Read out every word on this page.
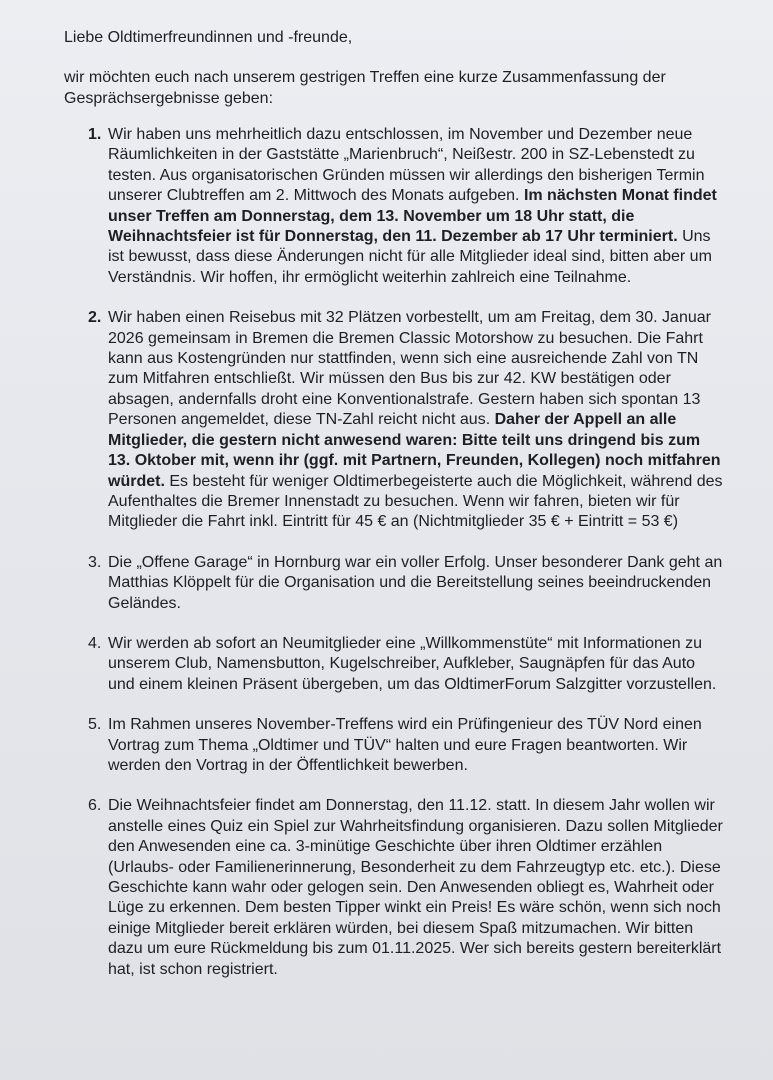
Liebe Oldtimerfreundinnen und -freunde,

wir möchten euch nach unserem gestrigen Treffen eine kurze Zusammenfassung der Gesprächsergebnisse geben:

1. Wir haben uns mehrheitlich dazu entschlossen, im November und Dezember neue Räumlichkeiten in der Gaststätte „Marienbruch“, Neißestr. 200 in SZ-Lebenstedt zu testen. Aus organisatorischen Gründen müssen wir allerdings den bisherigen Termin unserer Clubtreffen am 2. Mittwoch des Monats aufgeben. Im nächsten Monat findet unser Treffen am Donnerstag, dem 13. November um 18 Uhr statt, die Weihnachtsfeier ist für Donnerstag, den 11. Dezember ab 17 Uhr terminiert. Uns ist bewusst, dass diese Änderungen nicht für alle Mitglieder ideal sind, bitten aber um Verständnis. Wir hoffen, ihr ermöglicht weiterhin zahlreich eine Teilnahme.
2. Wir haben einen Reisebus mit 32 Plätzen vorbestellt, um am Freitag, dem 30. Januar 2026 gemeinsam in Bremen die Bremen Classic Motorshow zu besuchen. Die Fahrt kann aus Kostengründen nur stattfinden, wenn sich eine ausreichende Zahl von TN zum Mitfahren entschließt. Wir müssen den Bus bis zur 42. KW bestätigen oder absagen, andernfalls droht eine Konventionalstrafe. Gestern haben sich spontan 13 Personen angemeldet, diese TN-Zahl reicht nicht aus. Daher der Appell an alle Mitglieder, die gestern nicht anwesend waren: Bitte teilt uns dringend bis zum 13. Oktober mit, wenn ihr (ggf. mit Partnern, Freunden, Kollegen) noch mitfahren würdet. Es besteht für weniger Oldtimerbegeisterte auch die Möglichkeit, während des Aufenthaltes die Bremer Innenstadt zu besuchen. Wenn wir fahren, bieten wir für Mitglieder die Fahrt inkl. Eintritt für 45 € an (Nichtmitglieder 35 € + Eintritt = 53 €)
3. Die „Offene Garage“ in Hornburg war ein voller Erfolg. Unser besonderer Dank geht an Matthias Klöppelt für die Organisation und die Bereitstellung seines beeindruckenden Geländes.
4. Wir werden ab sofort an Neumitglieder eine „Willkommenstüte“ mit Informationen zu unserem Club, Namensbutton, Kugelschreiber, Aufkleber, Saugnäpfen für das Auto und einem kleinen Präsent übergeben, um das OldtimerForum Salzgitter vorzustellen.
5. Im Rahmen unseres November-Treffens wird ein Prüfingenieur des TÜV Nord einen Vortrag zum Thema „Oldtimer und TÜV“ halten und eure Fragen beantworten. Wir werden den Vortrag in der Öffentlichkeit bewerben.
6. Die Weihnachtsfeier findet am Donnerstag, den 11.12. statt. In diesem Jahr wollen wir anstelle eines Quiz ein Spiel zur Wahrheitsfindung organisieren. Dazu sollen Mitglieder den Anwesenden eine ca. 3-minütige Geschichte über ihren Oldtimer erzählen (Urlaubs- oder Familienerinnerung, Besonderheit zu dem Fahrzeugtyp etc. etc.). Diese Geschichte kann wahr oder gelogen sein. Den Anwesenden obliegt es, Wahrheit oder Lüge zu erkennen. Dem besten Tipper winkt ein Preis! Es wäre schön, wenn sich noch einige Mitglieder bereit erklären würden, bei diesem Spaß mitzumachen. Wir bitten dazu um eure Rückmeldung bis zum 01.11.2025. Wer sich bereits gestern bereiterklärt hat, ist schon registriert.
